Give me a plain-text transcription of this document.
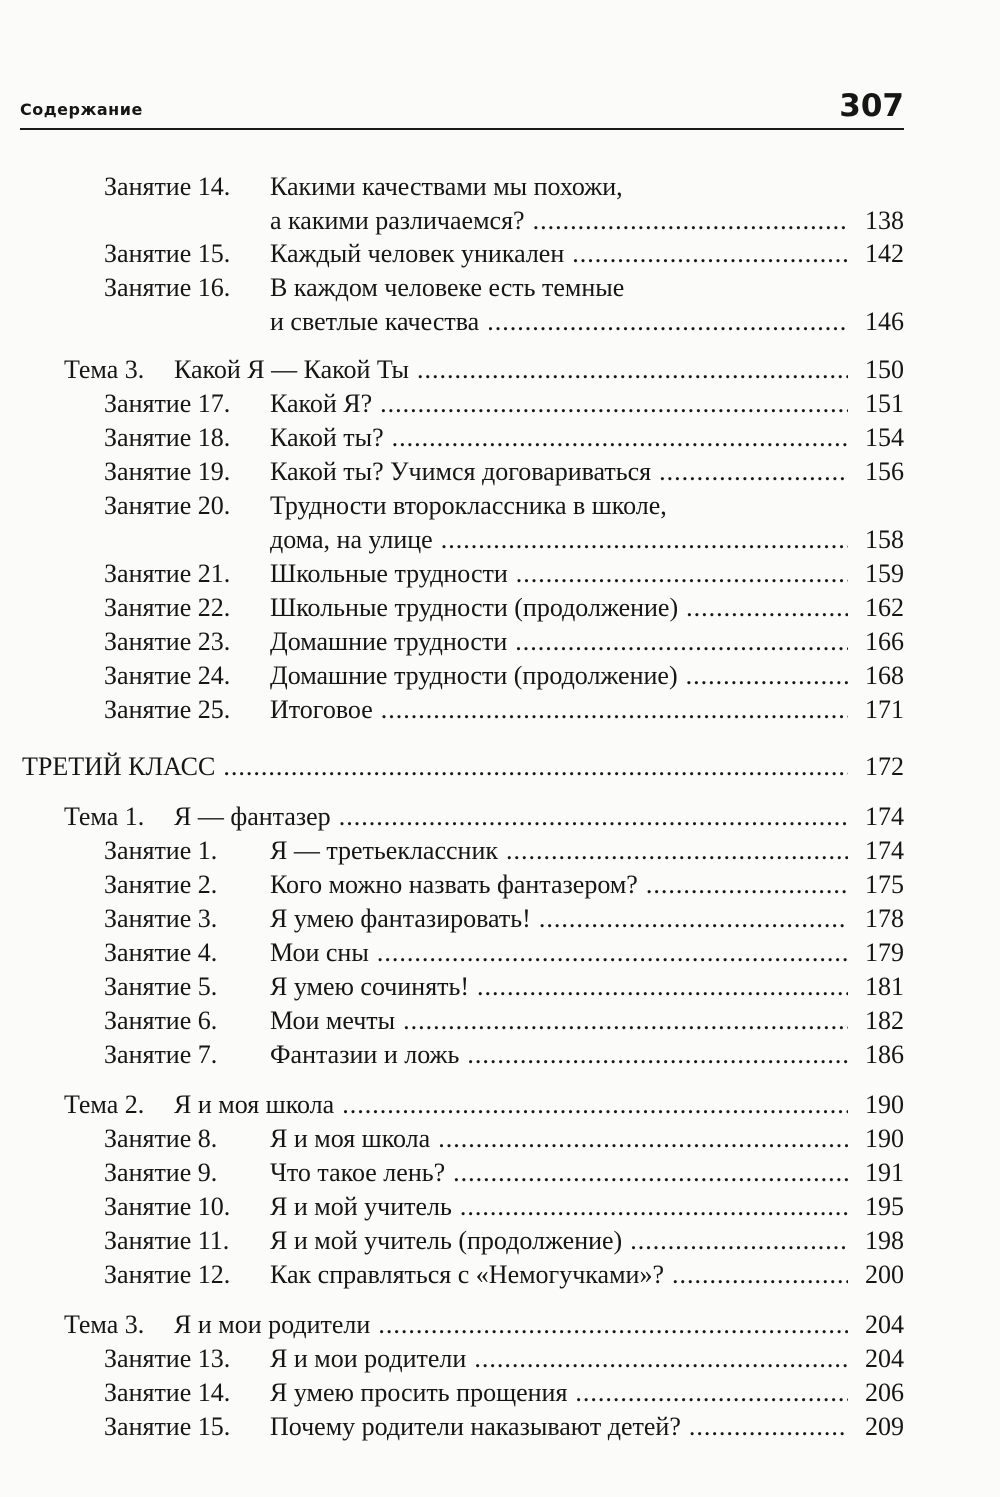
Содержание	307
Занятие 14. Какими качествами мы похожи,
а какими различаемся? .....	138
Занятие 15. Каждый человек уникален .....	142
Занятие 16. В каждом человеке есть темные
и светлые качества .....	146
Тема 3. Какой Я — Какой Ты .....	150
Занятие 17. Какой Я? .....	151
Занятие 18. Какой ты? .....	154
Занятие 19. Какой ты? Учимся договариваться .....	156
Занятие 20. Трудности второклассника в школе,
дома, на улице .....	158
Занятие 21. Школьные трудности .....	159
Занятие 22. Школьные трудности (продолжение) .....	162
Занятие 23. Домашние трудности .....	166
Занятие 24. Домашние трудности (продолжение) .....	168
Занятие 25. Итоговое .....	171
ТРЕТИЙ КЛАСС .....	172
Тема 1. Я — фантазер .....	174
Занятие 1. Я — третьеклассник .....	174
Занятие 2. Кого можно назвать фантазером? .....	175
Занятие 3. Я умею фантазировать! .....	178
Занятие 4. Мои сны .....	179
Занятие 5. Я умею сочинять! .....	181
Занятие 6. Мои мечты .....	182
Занятие 7. Фантазии и ложь .....	186
Тема 2. Я и моя школа .....	190
Занятие 8. Я и моя школа .....	190
Занятие 9. Что такое лень? .....	191
Занятие 10. Я и мой учитель .....	195
Занятие 11. Я и мой учитель (продолжение) .....	198
Занятие 12. Как справляться с «Немогучками»? .....	200
Тема 3. Я и мои родители .....	204
Занятие 13. Я и мои родители .....	204
Занятие 14. Я умею просить прощения .....	206
Занятие 15. Почему родители наказывают детей? .....	209
